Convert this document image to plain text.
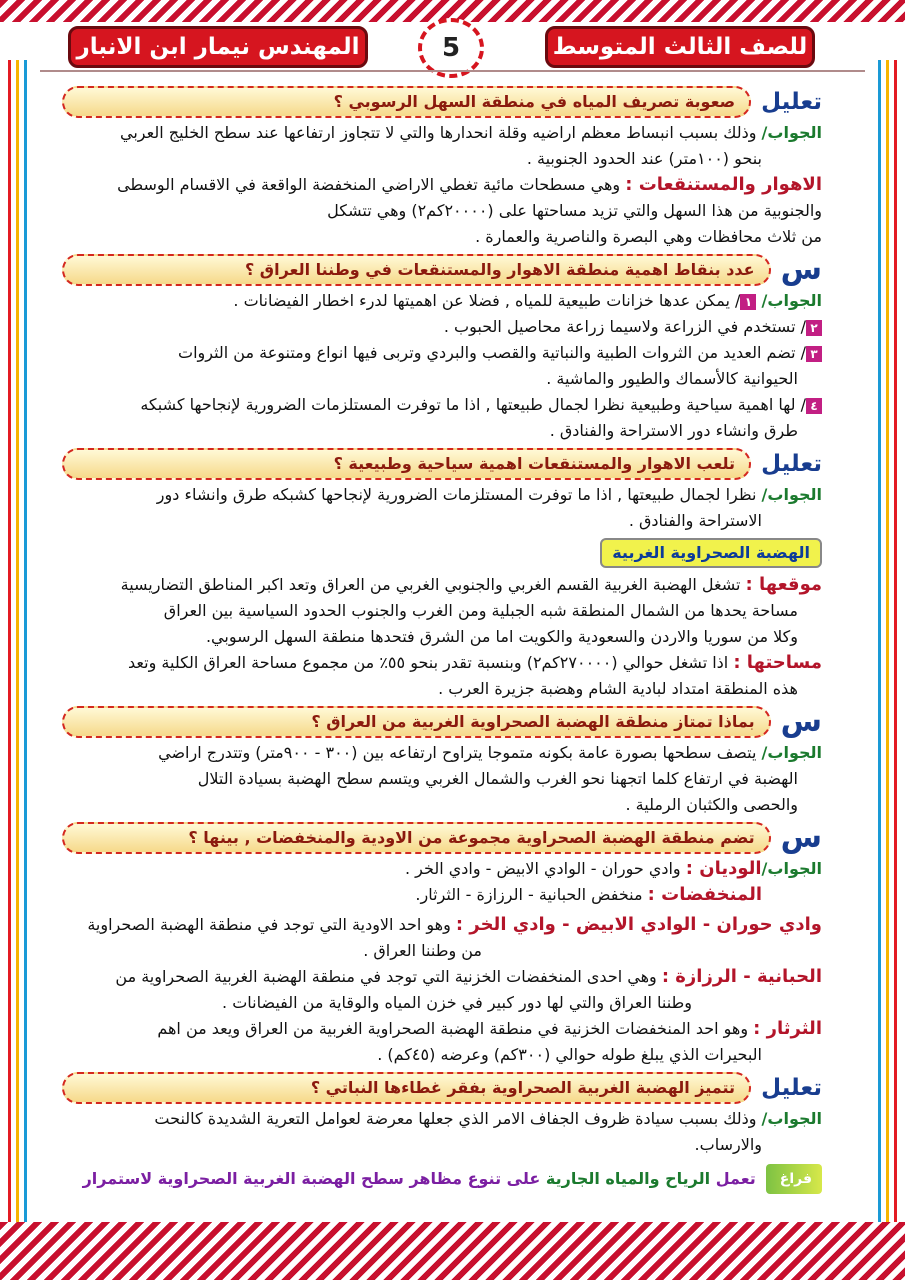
للصف الثالث المتوسط
5
المهندس نيمار ابن الانبار
تعليل
صعوبة تصريف المياه في منطقة السهل الرسوبي ؟

الجواب/ وذلك بسبب انبساط معظم اراضيه وقلة انحدارها والتي لا تتجاوز ارتفاعها عند سطح الخليج العربي

بنحو (١٠٠متر) عند الحدود الجنوبية .

الاهوار والمستنقعات : وهي مسطحات مائية تغطي الاراضي المنخفضة الواقعة في الاقسام الوسطى

والجنوبية من هذا السهل والتي تزيد مساحتها على (٢٠٠٠٠كم٢) وهي تتشكل

من ثلاث محافظات وهي البصرة والناصرية والعمارة .

س
عدد بنقاط اهمية منطقة الاهوار والمستنقعات في وطننا العراق ؟

الجواب/ ١/ يمكن عدها خزانات طبيعية للمياه , فضلا عن اهميتها لدرء اخطار الفيضانات .

٢/ تستخدم في الزراعة ولاسيما زراعة محاصيل الحبوب .

٣/ تضم العديد من الثروات الطبية والنباتية والقصب والبردي وتربى فيها انواع ومتنوعة من الثروات

الحيوانية كالأسماك والطيور والماشية .

٤/ لها اهمية سياحية وطبيعية نظرا لجمال طبيعتها , اذا ما توفرت المستلزمات الضرورية لإنجاحها كشبكه

طرق وانشاء دور الاستراحة والفنادق .

تعليل
تلعب الاهوار والمستنقعات اهمية سياحية وطبيعية ؟

الجواب/ نظرا لجمال طبيعتها , اذا ما توفرت المستلزمات الضرورية لإنجاحها كشبكه طرق وانشاء دور

الاستراحة والفنادق .

الهضبة الصحراوية الغربية

موقعها : تشغل الهضبة الغربية القسم الغربي والجنوبي الغربي من العراق وتعد اكبر المناطق التضاريسية

مساحة يحدها من الشمال المنطقة شبه الجبلية ومن الغرب والجنوب الحدود السياسية بين العراق

وكلا من سوريا والاردن والسعودية والكويت اما من الشرق فتحدها منطقة السهل الرسوبي.

مساحتها : اذا تشغل حوالي (٢٧٠٠٠٠كم٢) وبنسبة تقدر بنحو ٥٥٪ من مجموع مساحة العراق الكلية وتعد

هذه المنطقة امتداد لبادية الشام وهضبة جزيرة العرب .

س
بماذا تمتاز منطقة الهضبة الصحراوية الغربية من العراق ؟

الجواب/ يتصف سطحها بصورة عامة بكونه متموجا يتراوح ارتفاعه بين (٣٠٠ - ٩٠٠متر) وتتدرج اراضي

الهضبة في ارتفاع كلما اتجهنا نحو الغرب والشمال الغربي ويتسم سطح الهضبة بسيادة التلال

والحصى والكثبان الرملية .

س
تضم منطقة الهضبة الصحراوية مجموعة من الاودية والمنخفضات , بينها ؟

الجواب/الوديان : وادي حوران - الوادي الابيض - وادي الخر .

المنخفضات : منخفض الحبانية - الرزازة - الثرثار.

وادي حوران - الوادي الابيض - وادي الخر : وهو احد الاودية التي توجد في منطقة الهضبة الصحراوية

من وطننا العراق .

الحبانية - الرزازة : وهي احدى المنخفضات الخزنية التي توجد في منطقة الهضبة الغربية الصحراوية من

وطننا العراق والتي لها دور كبير في خزن المياه والوقاية من الفيضانات .

الثرثار : وهو احد المنخفضات الخزنية في منطقة الهضبة الصحراوية الغربية من العراق ويعد من اهم

البحيرات الذي يبلغ طوله حوالي (٣٠٠كم) وعرضه (٤٥كم) .

تعليل
تتميز الهضبة الغربية الصحراوية بفقر غطاءها النباتي ؟

الجواب/ وذلك بسبب سيادة ظروف الجفاف الامر الذي جعلها معرضة لعوامل التعرية الشديدة كالنحت

والارساب.

فراغ
تعمل الرياح والمياه الجارية على تنوع مظاهر سطح الهضبة الغربية الصحراوية لاستمرار
